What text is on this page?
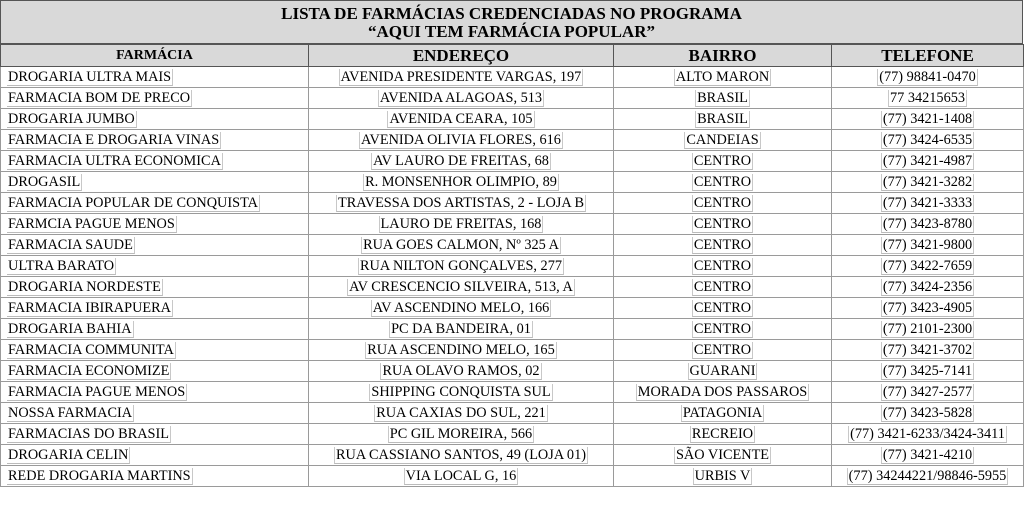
LISTA DE FARMÁCIAS CREDENCIADAS NO PROGRAMA
“AQUI TEM FARMÁCIA POPULAR”
FARMÁCIA	ENDEREÇO	BAIRRO	TELEFONE
DROGARIA ULTRA MAIS	AVENIDA PRESIDENTE VARGAS, 197	ALTO MARON	(77) 98841-0470
FARMACIA BOM DE PRECO	AVENIDA ALAGOAS, 513	BRASIL	77 34215653
DROGARIA JUMBO	AVENIDA CEARA, 105	BRASIL	(77) 3421-1408
FARMACIA E DROGARIA VINAS	AVENIDA OLIVIA FLORES, 616	CANDEIAS	(77) 3424-6535
FARMACIA ULTRA ECONOMICA	AV LAURO DE FREITAS, 68	CENTRO	(77) 3421-4987
DROGASIL	R. MONSENHOR OLIMPIO, 89	CENTRO	(77) 3421-3282
FARMACIA POPULAR DE CONQUISTA	TRAVESSA DOS ARTISTAS, 2 - LOJA B	CENTRO	(77) 3421-3333
FARMCIA PAGUE MENOS	LAURO DE FREITAS, 168	CENTRO	(77) 3423-8780
FARMACIA SAUDE	RUA GOES CALMON, Nº 325 A	CENTRO	(77) 3421-9800
ULTRA BARATO	RUA NILTON GONÇALVES, 277	CENTRO	(77) 3422-7659
DROGARIA NORDESTE	AV CRESCENCIO SILVEIRA, 513, A	CENTRO	(77) 3424-2356
FARMACIA IBIRAPUERA	AV ASCENDINO MELO, 166	CENTRO	(77) 3423-4905
DROGARIA BAHIA	PC DA BANDEIRA, 01	CENTRO	(77) 2101-2300
FARMACIA COMMUNITA	RUA ASCENDINO MELO, 165	CENTRO	(77) 3421-3702
FARMACIA ECONOMIZE	RUA OLAVO RAMOS, 02	GUARANI	(77) 3425-7141
FARMACIA PAGUE MENOS	SHIPPING CONQUISTA SUL	MORADA DOS PASSAROS	(77) 3427-2577
NOSSA FARMACIA	RUA CAXIAS DO SUL, 221	PATAGONIA	(77) 3423-5828
FARMACIAS DO BRASIL	PC GIL MOREIRA, 566	RECREIO	(77) 3421-6233/3424-3411
DROGARIA CELIN	RUA CASSIANO SANTOS, 49 (LOJA 01)	SÃO VICENTE	(77) 3421-4210
REDE DROGARIA MARTINS	VIA LOCAL G, 16	URBIS V	(77) 34244221/98846-5955
